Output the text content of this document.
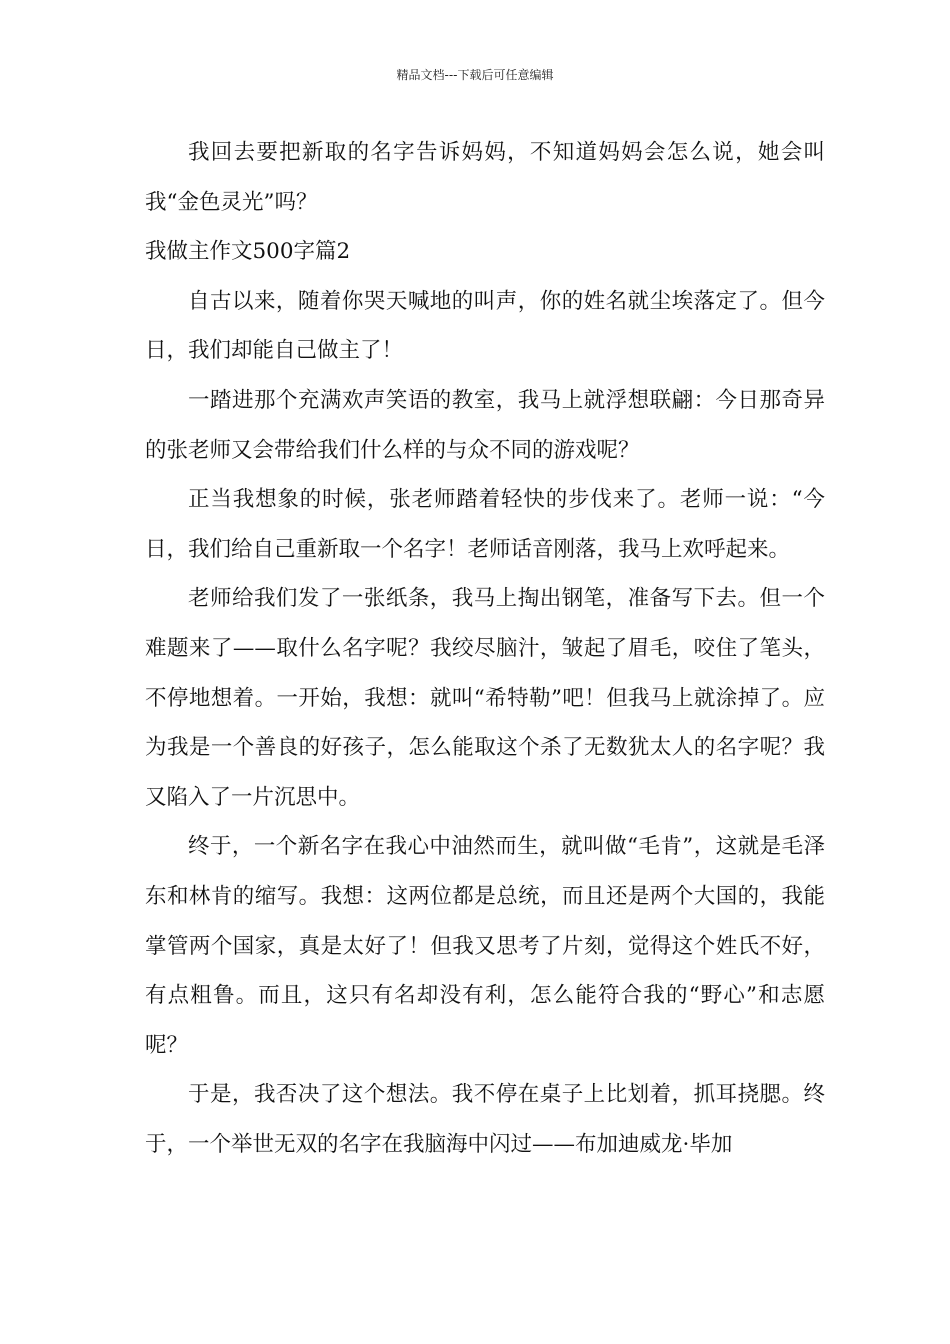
精品文档---下载后可任意编辑

我回去要把新取的名字告诉妈妈，不知道妈妈会怎么说，她会叫我“金色灵光”吗？

我做主作文500字篇2

自古以来，随着你哭天喊地的叫声，你的姓名就尘埃落定了。但今日，我们却能自己做主了！

一踏进那个充满欢声笑语的教室，我马上就浮想联翩：今日那奇异的张老师又会带给我们什么样的与众不同的游戏呢？

正当我想象的时候，张老师踏着轻快的步伐来了。老师一说：“今日，我们给自己重新取一个名字！老师话音刚落，我马上欢呼起来。

老师给我们发了一张纸条，我马上掏出钢笔，准备写下去。但一个难题来了——取什么名字呢？我绞尽脑汁，皱起了眉毛，咬住了笔头，不停地想着。一开始，我想：就叫“希特勒”吧！但我马上就涂掉了。应为我是一个善良的好孩子，怎么能取这个杀了无数犹太人的名字呢？我又陷入了一片沉思中。

终于，一个新名字在我心中油然而生，就叫做“毛肯”，这就是毛泽东和林肯的缩写。我想：这两位都是总统，而且还是两个大国的，我能掌管两个国家，真是太好了！但我又思考了片刻，觉得这个姓氏不好，有点粗鲁。而且，这只有名却没有利，怎么能符合我的“野心”和志愿呢？

于是，我否决了这个想法。我不停在桌子上比划着，抓耳挠腮。终于，一个举世无双的名字在我脑海中闪过——布加迪威龙·毕加
